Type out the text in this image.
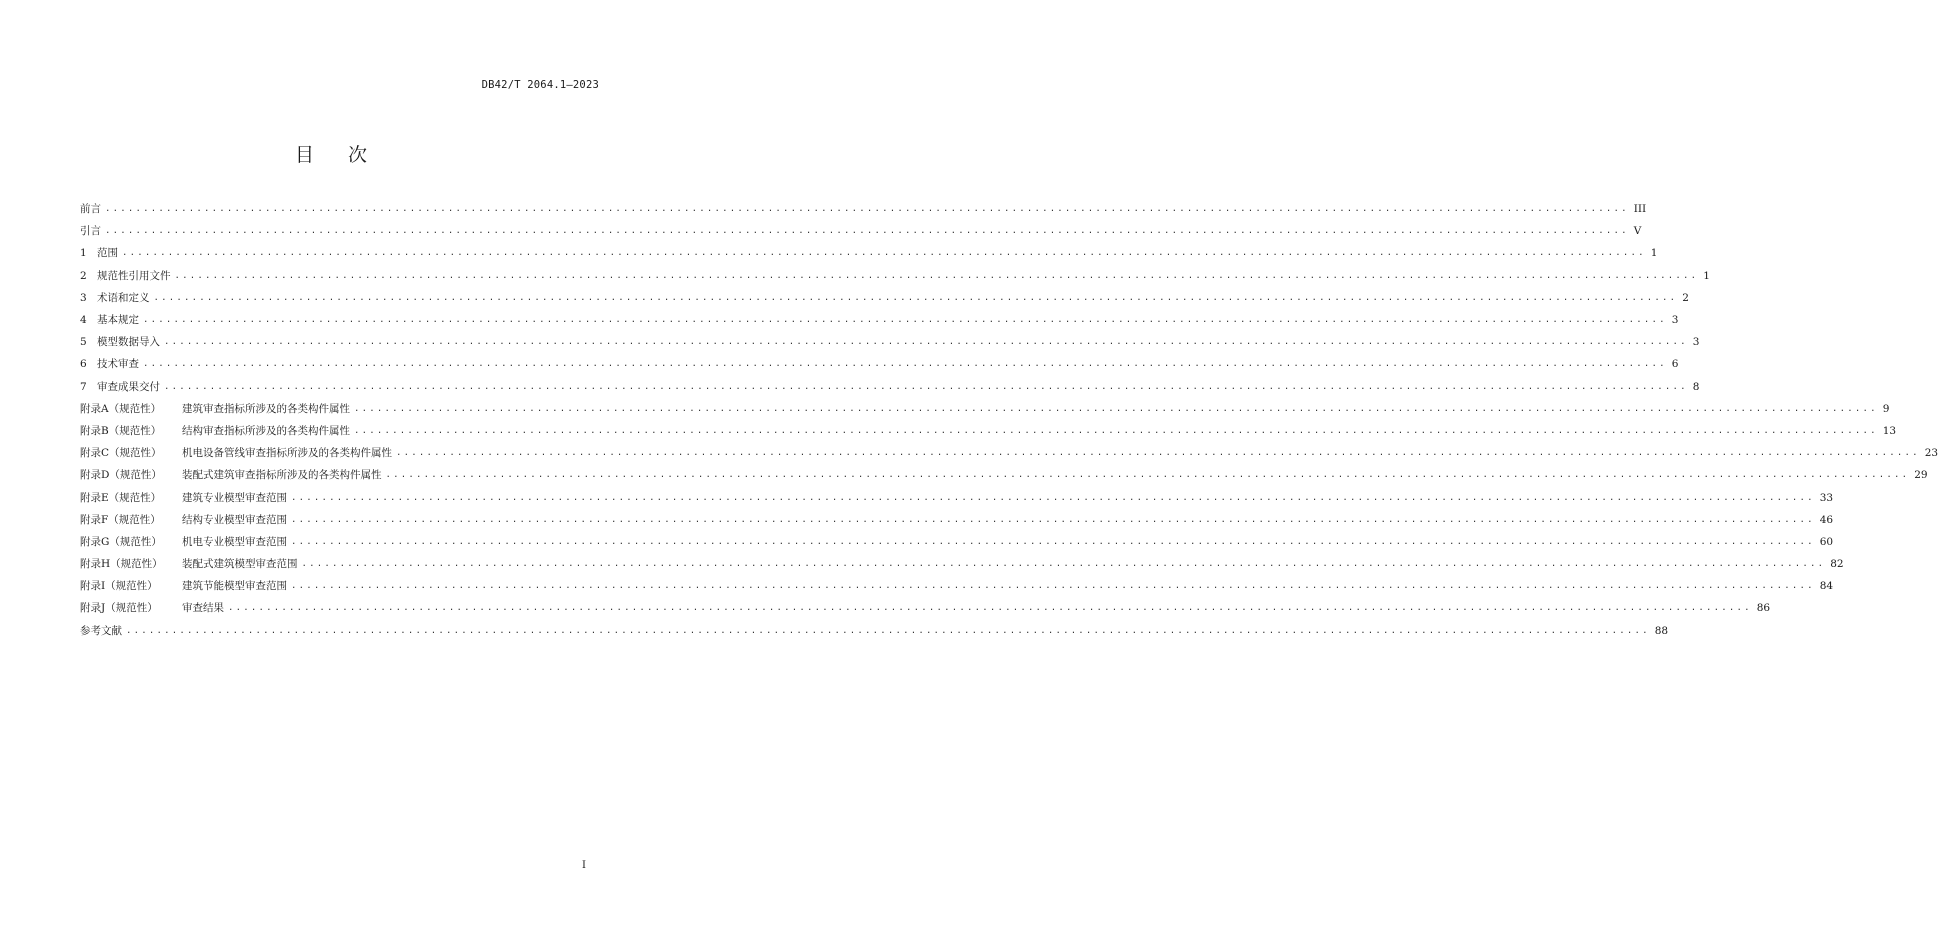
DB42/T 2064.1—2023
目 次
前言 ........................................................................................................................................................................................................ III
引言 ........................................................................................................................................................................................................ V
1 范围 ........................................................................................................................................................................................................ 1
2 规范性引用文件 ........................................................................................................................................................................................................ 1
3 术语和定义 ........................................................................................................................................................................................................ 2
4 基本规定 ........................................................................................................................................................................................................ 3
5 模型数据导入 ........................................................................................................................................................................................................ 3
6 技术审查 ........................................................................................................................................................................................................ 6
7 审查成果交付 ........................................................................................................................................................................................................ 8
附录A（规范性）	建筑审查指标所涉及的各类构件属性 ........................................................................................................................................................................................................ 9
附录B（规范性）	结构审查指标所涉及的各类构件属性 ........................................................................................................................................................................................................ 13
附录C（规范性）	机电设备管线审查指标所涉及的各类构件属性 ........................................................................................................................................................................................................ 23
附录D（规范性）	装配式建筑审查指标所涉及的各类构件属性 ........................................................................................................................................................................................................ 29
附录E（规范性）	建筑专业模型审查范围 ........................................................................................................................................................................................................ 33
附录F（规范性）	结构专业模型审查范围 ........................................................................................................................................................................................................ 46
附录G（规范性）	机电专业模型审查范围 ........................................................................................................................................................................................................ 60
附录H（规范性）	装配式建筑模型审查范围 ........................................................................................................................................................................................................ 82
附录I（规范性）	建筑节能模型审查范围 ........................................................................................................................................................................................................ 84
附录J（规范性）	审查结果 ........................................................................................................................................................................................................ 86
参考文献 ........................................................................................................................................................................................................ 88
I
